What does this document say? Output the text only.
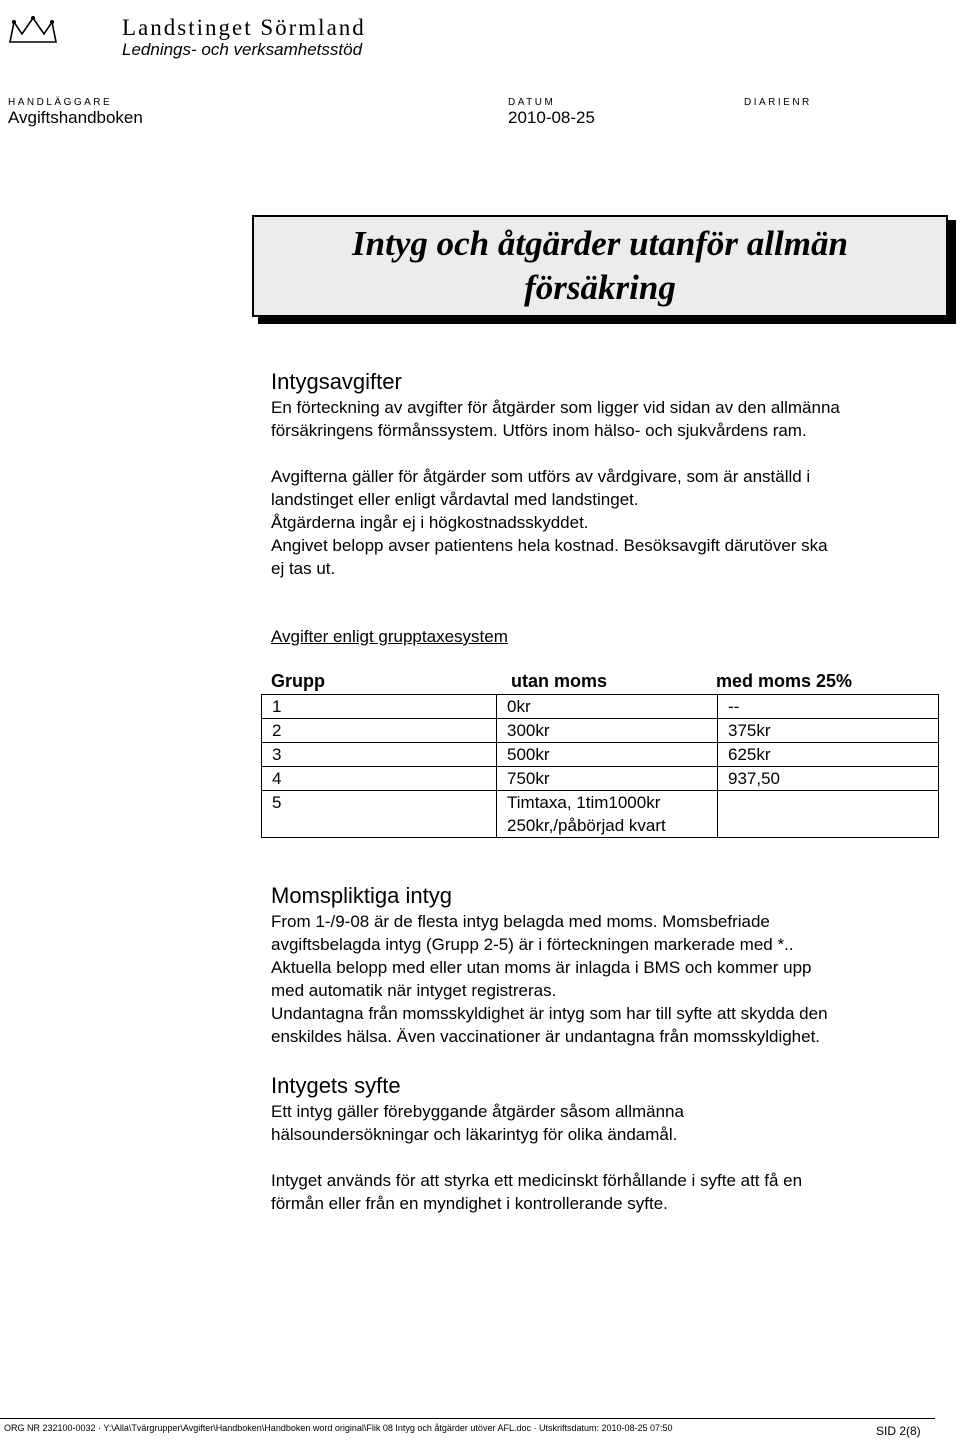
Landstinget Sörmland
Lednings- och verksamhetsstöd
HANDLÄGGARE
Avgiftshandboken
DATUM
2010-08-25
DIARIENR
Intyg och åtgärder utanför allmän
försäkring
Intygsavgifter

En förteckning av avgifter för åtgärder som ligger vid sidan av den allmänna

försäkringens förmånssystem. Utförs inom hälso- och sjukvårdens ram.

Avgifterna gäller för åtgärder som utförs av vårdgivare, som är anställd i

landstinget eller enligt vårdavtal med landstinget.

Åtgärderna ingår ej i högkostnadsskyddet.

Angivet belopp avser patientens hela kostnad. Besöksavgift därutöver ska

ej tas ut.

Avgifter enligt grupptaxesystem
Grupp	utan moms	med moms 25%
1	0kr	--
2	300kr	375kr
3	500kr	625kr
4	750kr	937,50
5	Timtaxa, 1tim1000kr
250kr,/påbörjad kvart	

Momspliktiga intyg

From 1-/9-08 är de flesta intyg belagda med moms. Momsbefriade

avgiftsbelagda intyg (Grupp 2-5) är i förteckningen markerade med *..

Aktuella belopp med eller utan moms är inlagda i BMS och kommer upp

med automatik när intyget registreras.

Undantagna från momsskyldighet är intyg som har till syfte att skydda den

enskildes hälsa. Även vaccinationer är undantagna från momsskyldighet.

Intygets syfte

Ett intyg gäller förebyggande åtgärder såsom allmänna

hälsoundersökningar och läkarintyg för olika ändamål.

Intyget används för att styrka ett medicinskt förhållande i syfte att få en

förmån eller från en myndighet i kontrollerande syfte.

ORG NR 232100-0032 · Y:\Alla\Tvärgrupper\Avgifter\Handboken\Handboken word original\Flik 08 Intyg och åtgärder utöver AFL.doc · Utskriftsdatum: 2010-08-25 07:50	SID 2(8)
